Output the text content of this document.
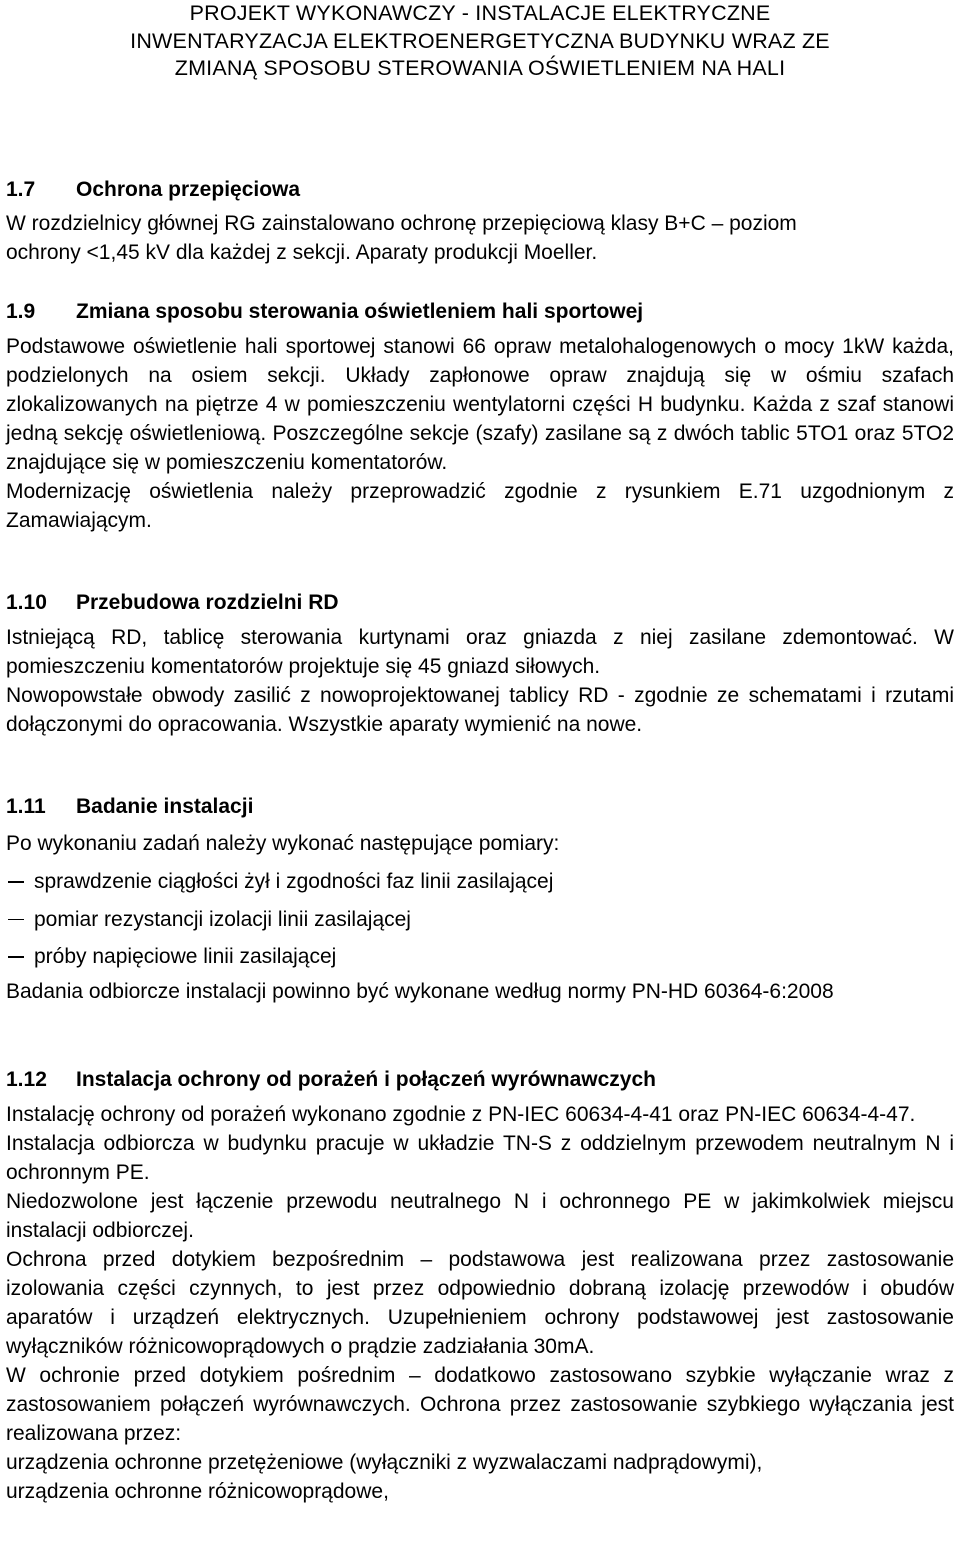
PROJEKT WYKONAWCZY - INSTALACJE ELEKTRYCZNE
INWENTARYZACJA ELEKTROENERGETYCZNA BUDYNKU WRAZ ZE
ZMIANĄ SPOSOBU STEROWANIA OŚWIETLENIEM NA HALI
1.7 Ochrona przepięciowa
W rozdzielnicy głównej RG zainstalowano ochronę przepięciową klasy B+C – poziom
ochrony <1,45 kV dla każdej z sekcji. Aparaty produkcji Moeller.
1.9 Zmiana sposobu sterowania oświetleniem hali sportowej
Podstawowe oświetlenie hali sportowej stanowi 66 opraw metalohalogenowych o mocy 1kW każda, podzielonych na osiem sekcji. Układy zapłonowe opraw znajdują się w ośmiu szafach zlokalizowanych na piętrze 4 w pomieszczeniu wentylatorni części H budynku. Każda z szaf stanowi jedną sekcję oświetleniową. Poszczególne sekcje (szafy) zasilane są z dwóch tablic 5TO1 oraz 5TO2 znajdujące się w pomieszczeniu komentatorów.
Modernizację oświetlenia należy przeprowadzić zgodnie z rysunkiem E.71 uzgodnionym z Zamawiającym.
1.10 Przebudowa rozdzielni RD
Istniejącą RD, tablicę sterowania kurtynami oraz gniazda z niej zasilane zdemontować. W pomieszczeniu komentatorów projektuje się 45 gniazd siłowych.
Nowopowstałe obwody zasilić z nowoprojektowanej tablicy RD - zgodnie ze schematami i rzutami dołączonymi do opracowania. Wszystkie aparaty wymienić na nowe.
1.11 Badanie instalacji
Po wykonaniu zadań należy wykonać następujące pomiary:
sprawdzenie ciągłości żył i zgodności faz linii zasilającej
pomiar rezystancji izolacji linii zasilającej
próby napięciowe linii zasilającej
Badania odbiorcze instalacji powinno być wykonane według normy PN-HD 60364-6:2008
1.12 Instalacja ochrony od porażeń i połączeń wyrównawczych
Instalację ochrony od porażeń wykonano zgodnie z PN-IEC 60634-4-41 oraz PN-IEC 60634-4-47.
Instalacja odbiorcza w budynku pracuje w układzie TN-S z oddzielnym przewodem neutralnym N i ochronnym PE.
Niedozwolone jest łączenie przewodu neutralnego N i ochronnego PE w jakimkolwiek miejscu instalacji odbiorczej.
Ochrona przed dotykiem bezpośrednim – podstawowa jest realizowana przez zastosowanie izolowania części czynnych, to jest przez odpowiednio dobraną izolację przewodów i obudów aparatów i urządzeń elektrycznych. Uzupełnieniem ochrony podstawowej jest zastosowanie wyłączników różnicowoprądowych o prądzie zadziałania 30mA.
W ochronie przed dotykiem pośrednim – dodatkowo zastosowano szybkie wyłączanie wraz z zastosowaniem połączeń wyrównawczych. Ochrona przez zastosowanie szybkiego wyłączania jest realizowana przez:
urządzenia ochronne przetężeniowe (wyłączniki z wyzwalaczami nadprądowymi),
urządzenia ochronne różnicowoprądowe,
